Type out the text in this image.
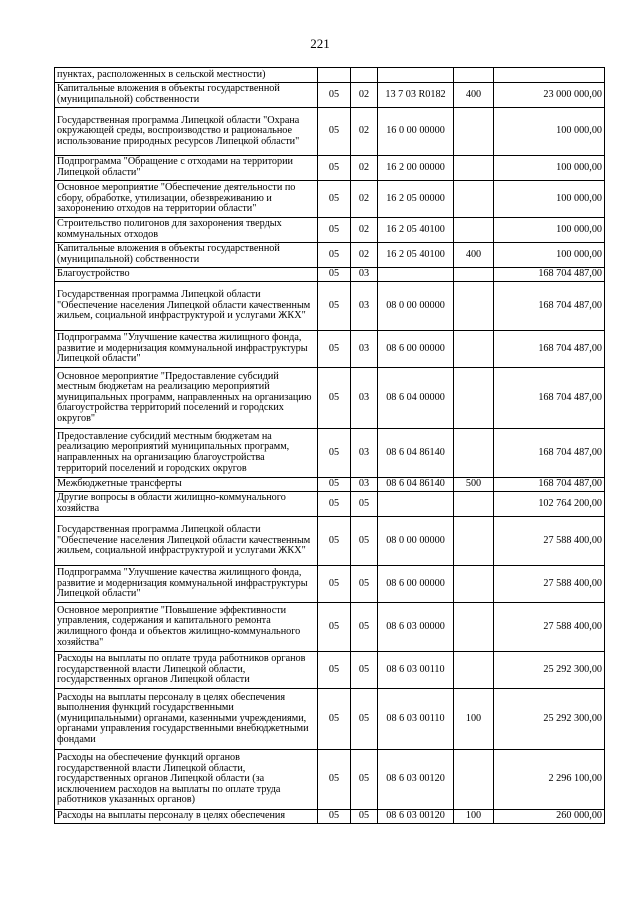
221
пунктах, расположенных в сельской местности)					
Капитальные вложения в объекты государственной (муниципальной) собственности	05	02	13 7 03 R0182	400	23 000 000,00
Государственная программа Липецкой области "Охрана окружающей среды, воспроизводство и рациональное использование природных ресурсов Липецкой области"	05	02	16 0 00 00000		100 000,00
Подпрограмма "Обращение с отходами на территории Липецкой области"	05	02	16 2 00 00000		100 000,00
Основное мероприятие "Обеспечение деятельности по сбору, обработке, утилизации, обезвреживанию и захоронению отходов на территории области"	05	02	16 2 05 00000		100 000,00
Строительство полигонов для захоронения твердых коммунальных отходов	05	02	16 2 05 40100		100 000,00
Капитальные вложения в объекты государственной (муниципальной) собственности	05	02	16 2 05 40100	400	100 000,00
Благоустройство	05	03			168 704 487,00
Государственная программа Липецкой области "Обеспечение населения Липецкой области качественным жильем, социальной инфраструктурой и услугами ЖКХ"	05	03	08 0 00 00000		168 704 487,00
Подпрограмма "Улучшение качества жилищного фонда, развитие и модернизация коммунальной инфраструктуры Липецкой области"	05	03	08 6 00 00000		168 704 487,00
Основное мероприятие "Предоставление субсидий местным бюджетам на реализацию мероприятий муниципальных программ, направленных на организацию благоустройства территорий поселений и городских округов"	05	03	08 6 04 00000		168 704 487,00
Предоставление субсидий местным бюджетам на реализацию мероприятий муниципальных программ, направленных на организацию благоустройства территорий поселений и городских округов	05	03	08 6 04 86140		168 704 487,00
Межбюджетные трансферты	05	03	08 6 04 86140	500	168 704 487,00
Другие вопросы в области жилищно-коммунального хозяйства	05	05			102 764 200,00
Государственная программа Липецкой области "Обеспечение населения Липецкой области качественным жильем, социальной инфраструктурой и услугами ЖКХ"	05	05	08 0 00 00000		27 588 400,00
Подпрограмма "Улучшение качества жилищного фонда, развитие и модернизация коммунальной инфраструктуры Липецкой области"	05	05	08 6 00 00000		27 588 400,00
Основное мероприятие "Повышение эффективности управления, содержания и капитального ремонта жилищного фонда и объектов жилищно-коммунального хозяйства"	05	05	08 6 03 00000		27 588 400,00
Расходы на выплаты по оплате труда работников органов государственной власти Липецкой области, государственных органов Липецкой области	05	05	08 6 03 00110		25 292 300,00
Расходы на выплаты персоналу в целях обеспечения выполнения функций государственными (муниципальными) органами, казенными учреждениями, органами управления государственными внебюджетными фондами	05	05	08 6 03 00110	100	25 292 300,00
Расходы на обеспечение функций органов государственной власти Липецкой области, государственных органов Липецкой области (за исключением расходов на выплаты по оплате труда работников указанных органов)	05	05	08 6 03 00120		2 296 100,00
Расходы на выплаты персоналу в целях обеспечения	05	05	08 6 03 00120	100	260 000,00
